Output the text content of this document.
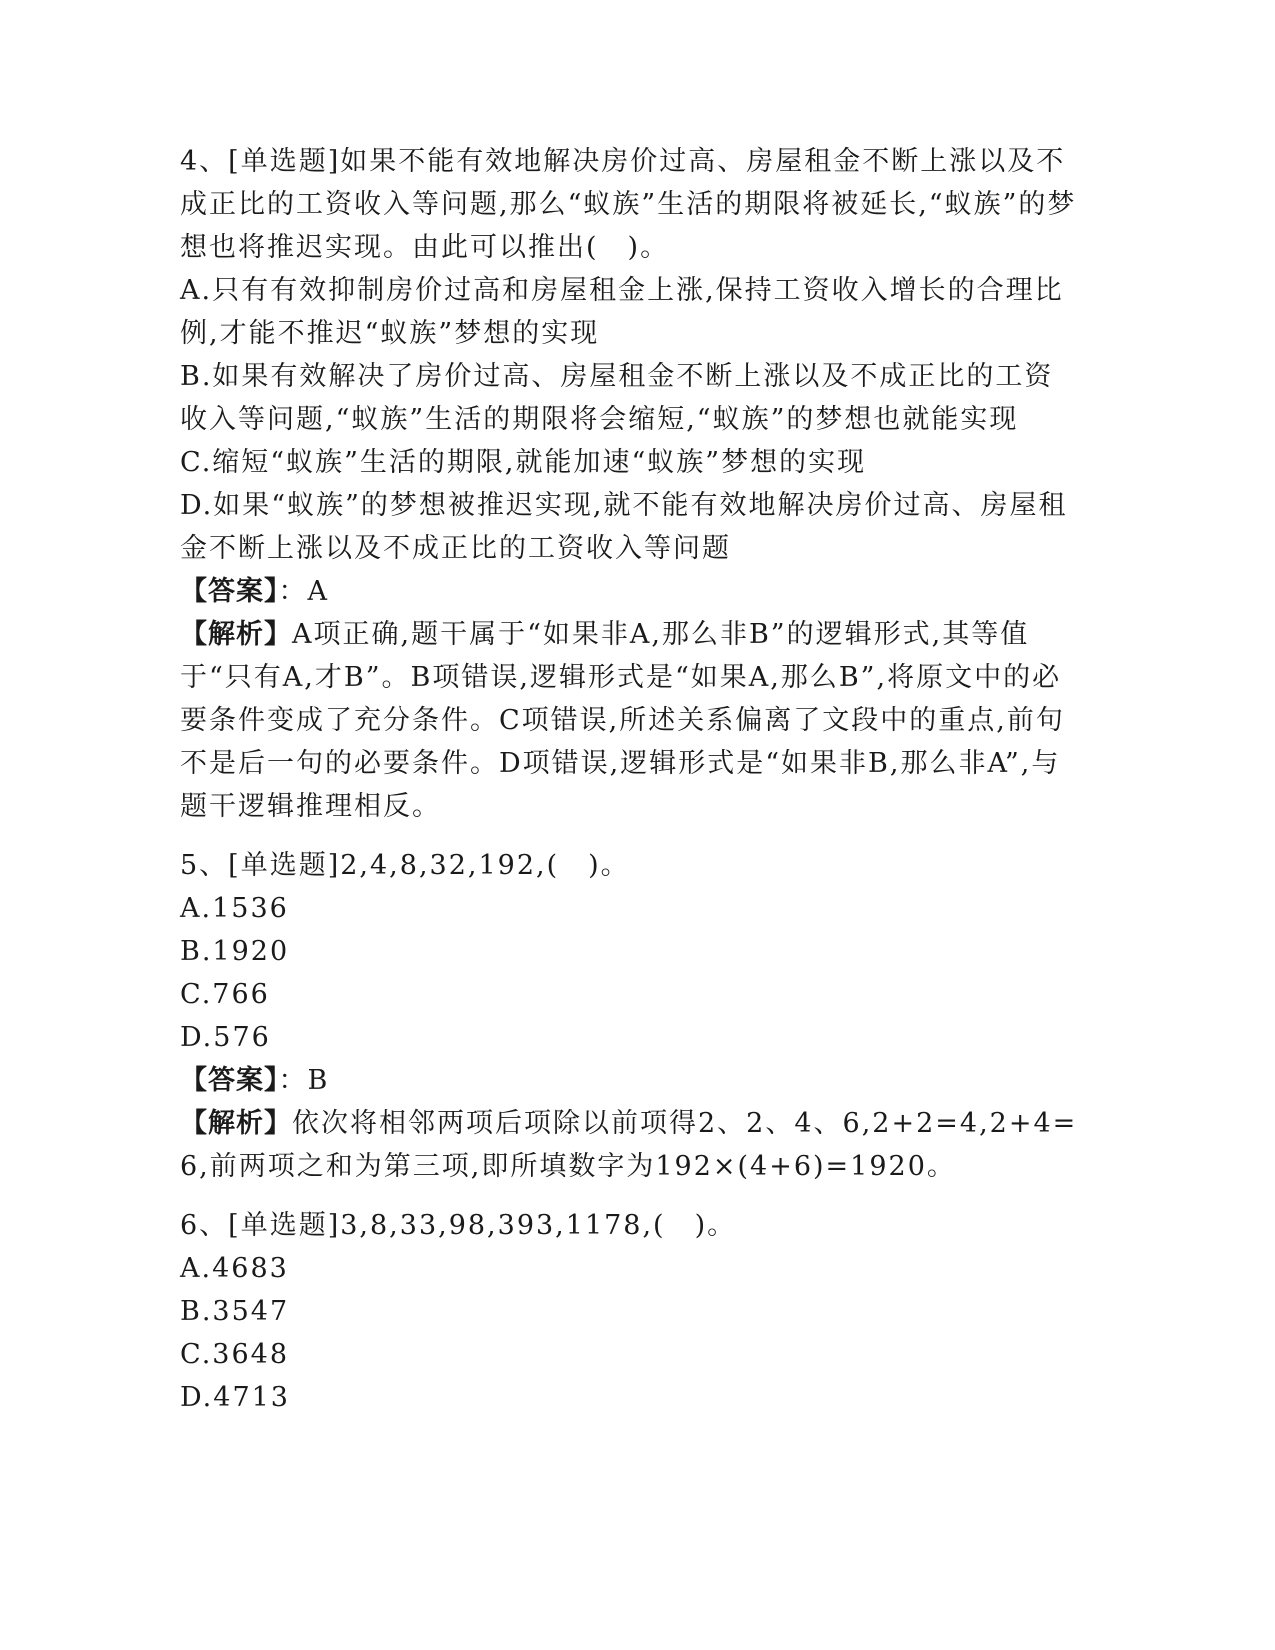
4、[单选题]如果不能有效地解决房价过高、房屋租金不断上涨以及不成正比的工资收入等问题,那么“蚁族”生活的期限将被延长,“蚁族”的梦想也将推迟实现。由此可以推出(　)。
A.只有有效抑制房价过高和房屋租金上涨,保持工资收入增长的合理比例,才能不推迟“蚁族”梦想的实现
B.如果有效解决了房价过高、房屋租金不断上涨以及不成正比的工资收入等问题,“蚁族”生活的期限将会缩短,“蚁族”的梦想也就能实现
C.缩短“蚁族”生活的期限,就能加速“蚁族”梦想的实现
D.如果“蚁族”的梦想被推迟实现,就不能有效地解决房价过高、房屋租金不断上涨以及不成正比的工资收入等问题
【答案】：A
【解析】A项正确,题干属于“如果非A,那么非B”的逻辑形式,其等值于“只有A,才B”。B项错误,逻辑形式是“如果A,那么B”,将原文中的必要条件变成了充分条件。C项错误,所述关系偏离了文段中的重点,前句不是后一句的必要条件。D项错误,逻辑形式是“如果非B,那么非A”,与题干逻辑推理相反。
5、[单选题]2,4,8,32,192,(　)。
A.1536
B.1920
C.766
D.576
【答案】：B
【解析】依次将相邻两项后项除以前项得2、2、4、6,2+2=4,2+4=6,前两项之和为第三项,即所填数字为192×(4+6)=1920。
6、[单选题]3,8,33,98,393,1178,(　)。
A.4683
B.3547
C.3648
D.4713
